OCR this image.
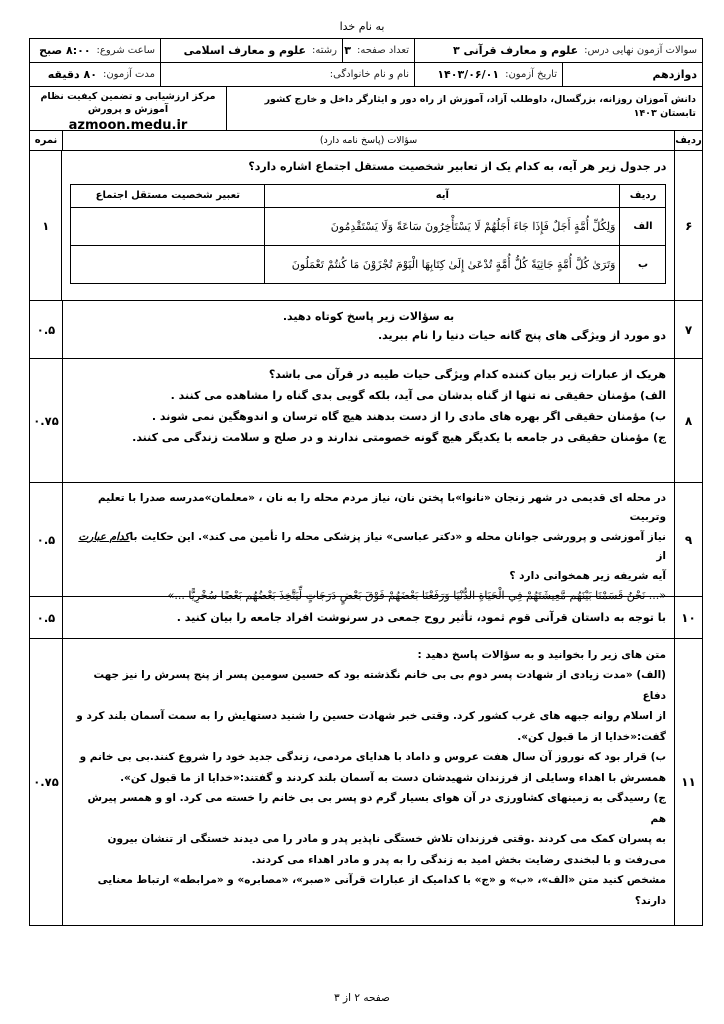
به نام خدا
سوالات آزمون نهایی درس:
علوم و معارف قرآنی ۳
تعداد صفحه:
۳
رشته:
علوم و معارف اسلامی
ساعت شروع:
۸:۰۰ صبح
دوازدهم
تاریخ آزمون:
۱۴۰۳/۰۶/۰۱
نام و نام خانوادگی:
مدت آزمون:
۸۰ دقیقه
دانش آموزان روزانه، بزرگسال، داوطلب آزاد، آموزش از راه دور و ایثارگر داخل و خارج کشور تابستان ۱۴۰۳
مرکز ارزشیابی و تضمین کیفیت نظام آموزش و پرورش
azmoon.medu.ir
ردیف
سؤالات (پاسخ نامه دارد)
نمره
۶
در جدول زیر هر آیه، به کدام یک از تعابیر شخصیت مستقل اجتماع اشاره دارد؟
ردیف	آیه	تعبیر شخصیت مستقل اجتماع
الف	وَلِكُلِّ أُمَّةٍ أَجَلٌ فَإِذَا جَاءَ أَجَلُهُمْ لَا يَسْتَأْخِرُونَ سَاعَةً وَلَا يَسْتَقْدِمُونَ	
ب	وَتَرَىٰ كُلَّ أُمَّةٍ جَاثِيَةً كُلُّ أُمَّةٍ تُدْعَىٰ إِلَىٰ كِتَابِهَا الْيَوْمَ تُجْزَوْنَ مَا كُنتُمْ تَعْمَلُونَ	
۱
۷
به سؤالات زیر پاسخ کوتاه دهید.
دو مورد از ویژگی های پنج گانه حیات دنیا را نام ببرید.
۰.۵
۸
هریک از عبارات زیر بیان کننده کدام ویژگی حیات طیبه در قرآن می باشد؟
الف) مؤمنان حقیقی نه تنها از گناه بدشان می آید، بلکه گویی بدی گناه را مشاهده می کنند .
ب) مؤمنان حقیقی اگر بهره های مادی را از دست بدهند هیچ گاه ترسان و اندوهگین نمی شوند .
ج) مؤمنان حقیقی در جامعه با یکدیگر هیچ گونه خصومتی ندارند و در صلح و سلامت زندگی می کنند.
۰.۷۵
۹
در محله ای قدیمی در شهر زنجان «نانوا»با پختن نان، نیاز مردم محله را به نان ، «معلمان»مدرسه صدرا با تعلیم وتربیت
نیاز آموزشی و پرورشی جوانان محله و «دکتر عباسی» نیاز پزشکی محله را تأمین می کند». این حکایت باکدام عبارت از
آیه شریفه زیر همخوانی دارد ؟
«... نَحْنُ قَسَمْنَا بَيْنَهُم مَّعِيشَتَهُمْ فِي الْحَيَاةِ الدُّنْيَا وَرَفَعْنَا بَعْضَهُمْ فَوْقَ بَعْضٍ دَرَجَاتٍ لِّيَتَّخِذَ بَعْضُهُم بَعْضًا سُخْرِيًّا ...»
۰.۵
۱۰
با توجه به داستان قرآنی قوم ثمود، تأثیر روح جمعی در سرنوشت افراد جامعه را بیان کنید .
۰.۵
۱۱
متن های زیر را بخوانید و به سؤالات پاسخ دهید :
(الف) «مدت زیادی از شهادت پسر دوم بی بی خانم نگذشته بود که حسین سومین پسر از پنج پسرش را نیز جهت دفاع
از اسلام روانه جبهه های غرب کشور کرد. وقتی خبر شهادت حسین را شنید دستهایش را به سمت آسمان بلند کرد و
گفت:«خدایا از ما قبول کن».
ب) قرار بود که نوروز آن سال هفت عروس و داماد با هدایای مردمی، زندگی جدید خود را شروع کنند.بی بی خانم و
همسرش با اهداء وسایلی از فرزندان شهیدشان دست به آسمان بلند کردند و گفتند:«خدایا از ما قبول کن».
ج) رسیدگی به زمینهای کشاورزی در آن هوای بسیار گرم دو پسر بی بی خانم را خسته می کرد. او و همسر پیرش هم
به پسران کمک می کردند .وقتی فرزندان تلاش خستگی ناپذیر پدر و مادر را می دیدند خستگی از تنشان بیرون
می‌رفت و با لبخندی رضایت بخش امید به زندگی را به پدر و مادر اهداء می کردند.
مشخص کنید متن «الف»، «ب» و «ج» با کدامیک از عبارات قرآنی «صبر»، «مصابره» و «مرابطه» ارتباط معنایی دارند؟
۰.۷۵
صفحه ۲ از ۳
